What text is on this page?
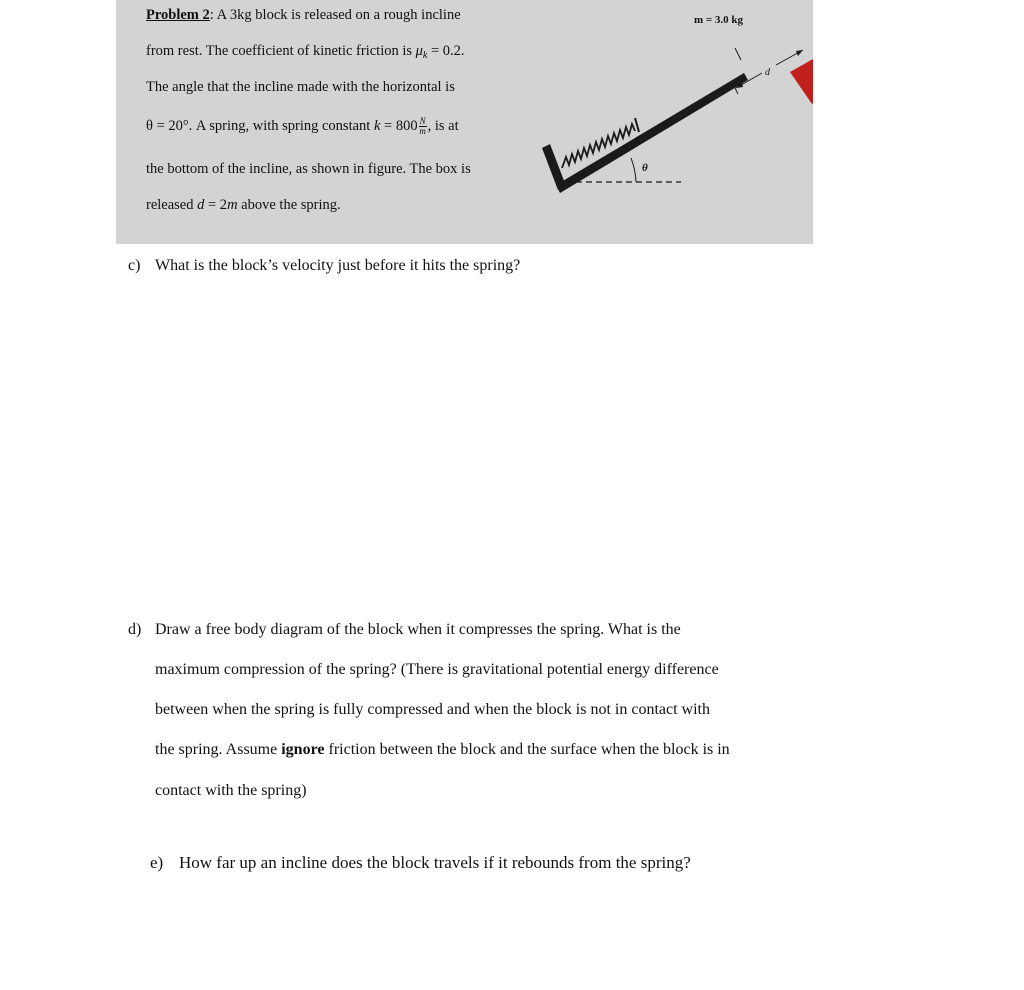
Problem 2: A 3kg block is released on a rough incline
from rest. The coefficient of kinetic friction is $\mu_k = 0.2$.
The angle that the incline made with the horizontal is
θ = 20°. A spring, with spring constant $k = 800 \frac{N}{m}$ , is at
the bottom of the incline, as shown in figure. The box is
released d = 2m above the spring.
θ
d
m = 3.0 kg
c) What is the block’s velocity just before it hits the spring?
d) Draw a free body diagram of the block when it compresses the spring. What is the
maximum compression of the spring? (There is gravitational potential energy difference
between when the spring is fully compressed and when the block is not in contact with
the spring. Assume ignore friction between the block and the surface when the block is in
contact with the spring)
e) How far up an incline does the block travels if it rebounds from the spring?
